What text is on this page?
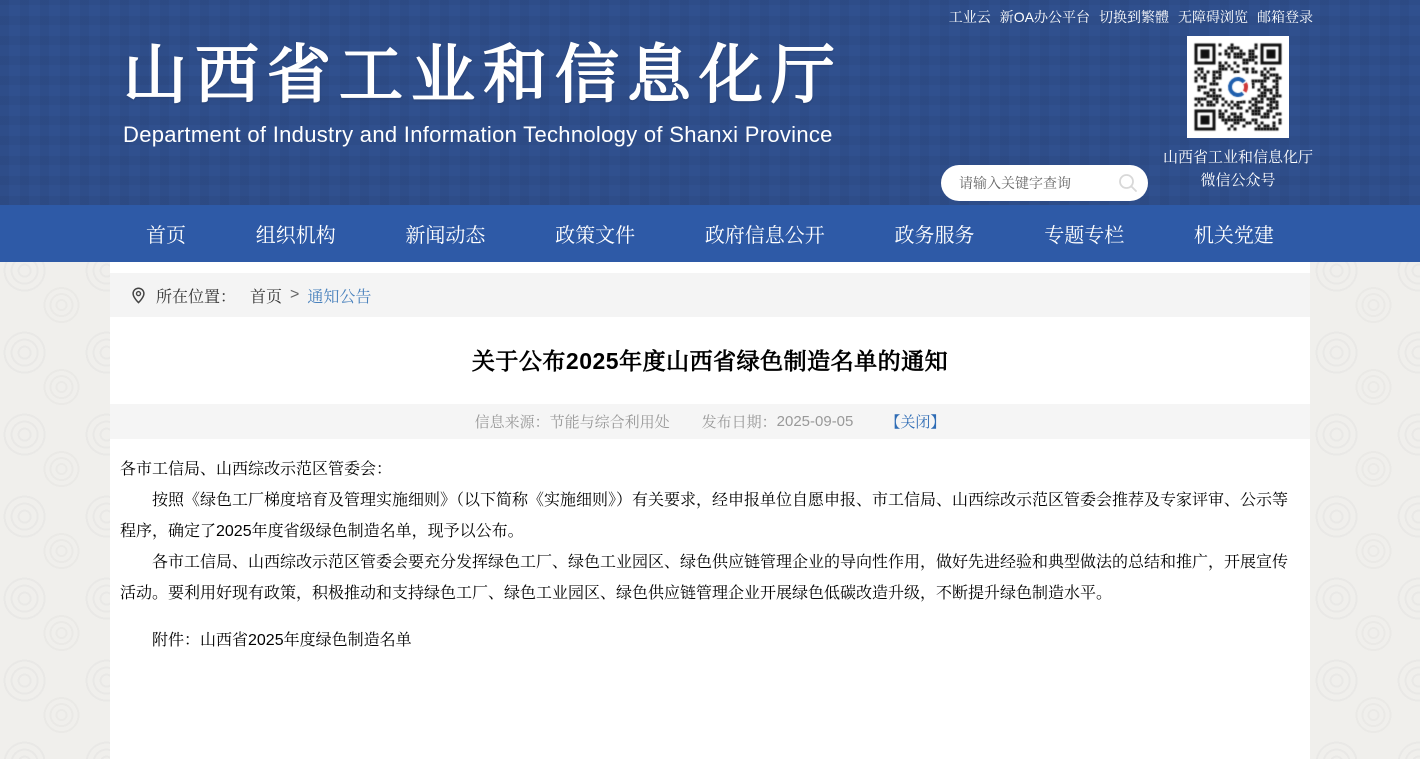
工业云 新OA办公平台 切换到繁體 无障碍浏览 邮箱登录
山西省工业和信息化厅
Department of Industry and Information Technology of Shanxi Province
请输入关键字查询
山西省工业和信息化厅
微信公众号
首页	组织机构	新闻动态	政策文件	政府信息公开	政务服务	专题专栏	机关党建
所在位置： 首页 > 通知公告
关于公布2025年度山西省绿色制造名单的通知
信息来源： 节能与综合利用处 发布日期： 2025-09-05 【关闭】

各市工信局、山西综改示范区管委会：

按照《绿色工厂梯度培育及管理实施细则》（以下简称《实施细则》）有关要求，经申报单位自愿申报、市工信局、山西综改示范区管委会推荐及专家评审、公示等程序，确定了2025年度省级绿色制造名单，现予以公布。

各市工信局、山西综改示范区管委会要充分发挥绿色工厂、绿色工业园区、绿色供应链管理企业的导向性作用，做好先进经验和典型做法的总结和推广，开展宣传活动。要利用好现有政策，积极推动和支持绿色工厂、绿色工业园区、绿色供应链管理企业开展绿色低碳改造升级，不断提升绿色制造水平。

附件：山西省2025年度绿色制造名单
